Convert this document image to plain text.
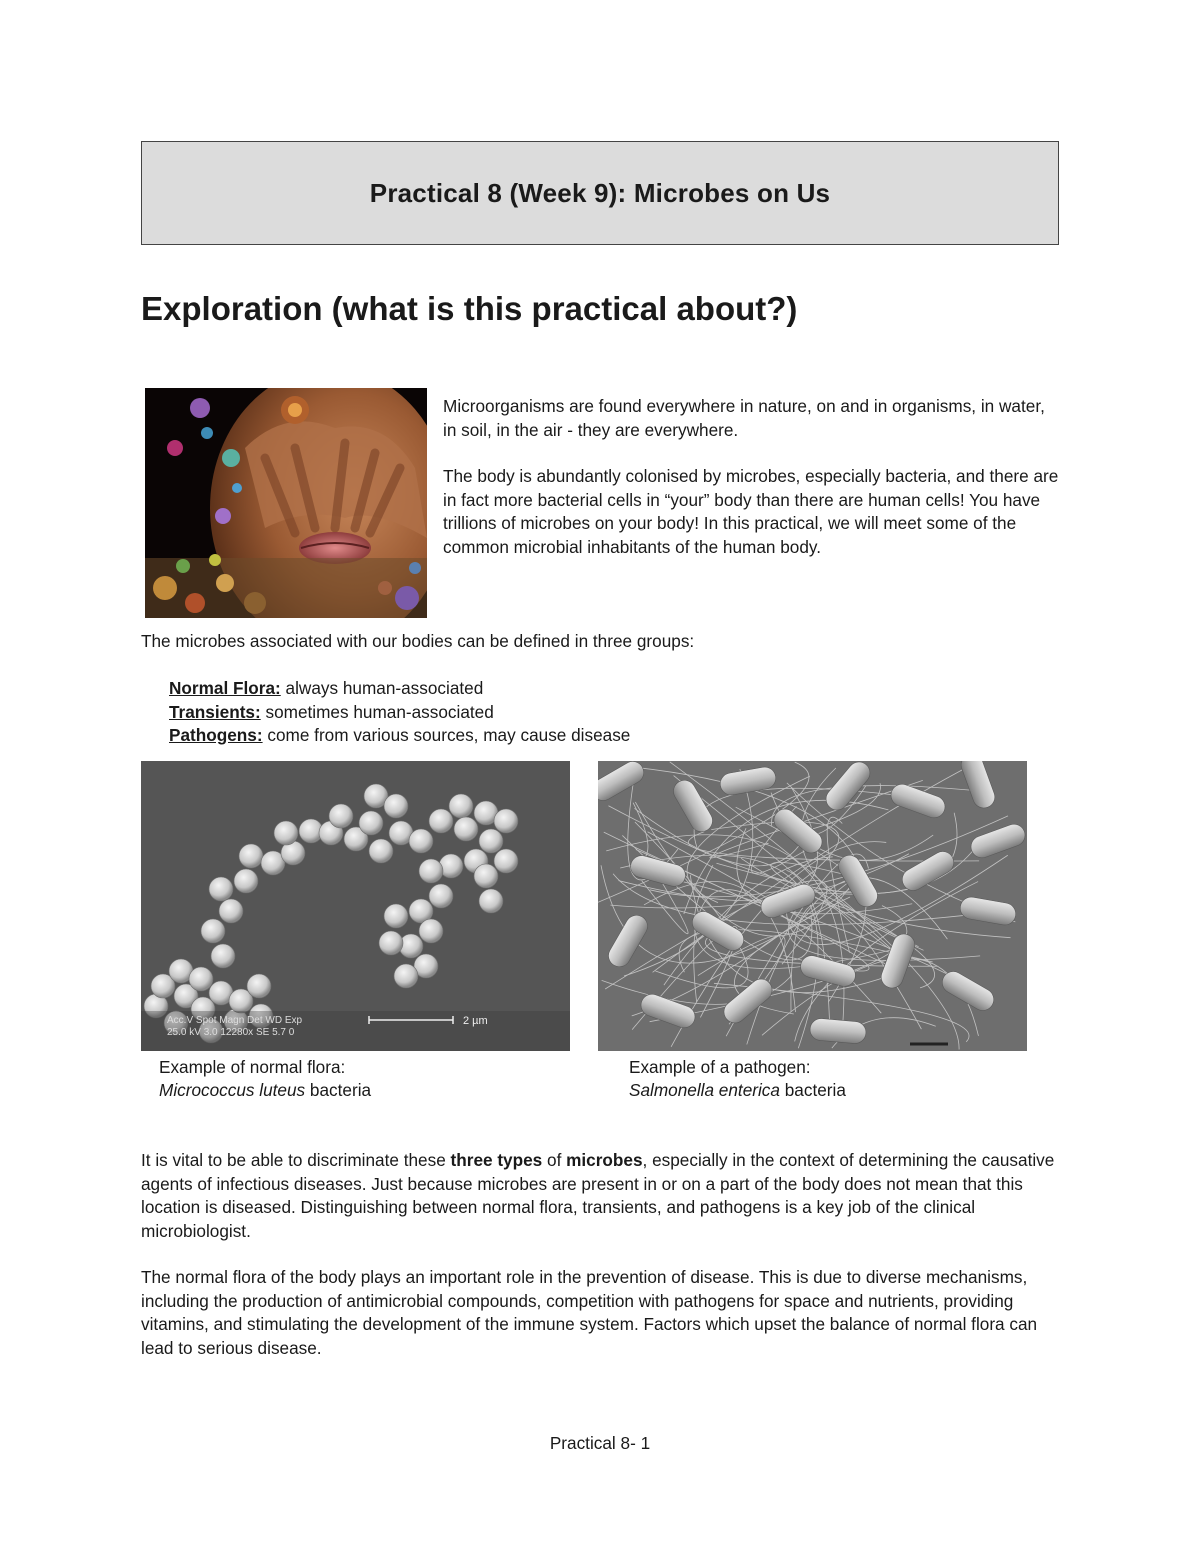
Practical 8 (Week 9): Microbes on Us
Exploration (what is this practical about?)

Microorganisms are found everywhere in nature, on and in organisms, in water, in soil, in the air - they are everywhere.

The body is abundantly colonised by microbes, especially bacteria, and there are in fact more bacterial cells in “your” body than there are human cells! You have trillions of microbes on your body! In this practical, we will meet some of the common microbial inhabitants of the human body.

The microbes associated with our bodies can be defined in three groups:

Normal Flora: always human-associated
Transients: sometimes human-associated
Pathogens: come from various sources, may cause disease
Acc.V Spot Magn Det WD Exp
25.0 kV 3.0 12280x SE 5.7 0
2 µm
Example of normal flora:
Micrococcus luteus bacteria
Example of a pathogen:
Salmonella enterica bacteria

It is vital to be able to discriminate these three types of microbes, especially in the context of determining the causative agents of infectious diseases. Just because microbes are present in or on a part of the body does not mean that this location is diseased. Distinguishing between normal flora, transients, and pathogens is a key job of the clinical microbiologist.

The normal flora of the body plays an important role in the prevention of disease. This is due to diverse mechanisms, including the production of antimicrobial compounds, competition with pathogens for space and nutrients, providing vitamins, and stimulating the development of the immune system. Factors which upset the balance of normal flora can lead to serious disease.

Practical 8- 1
